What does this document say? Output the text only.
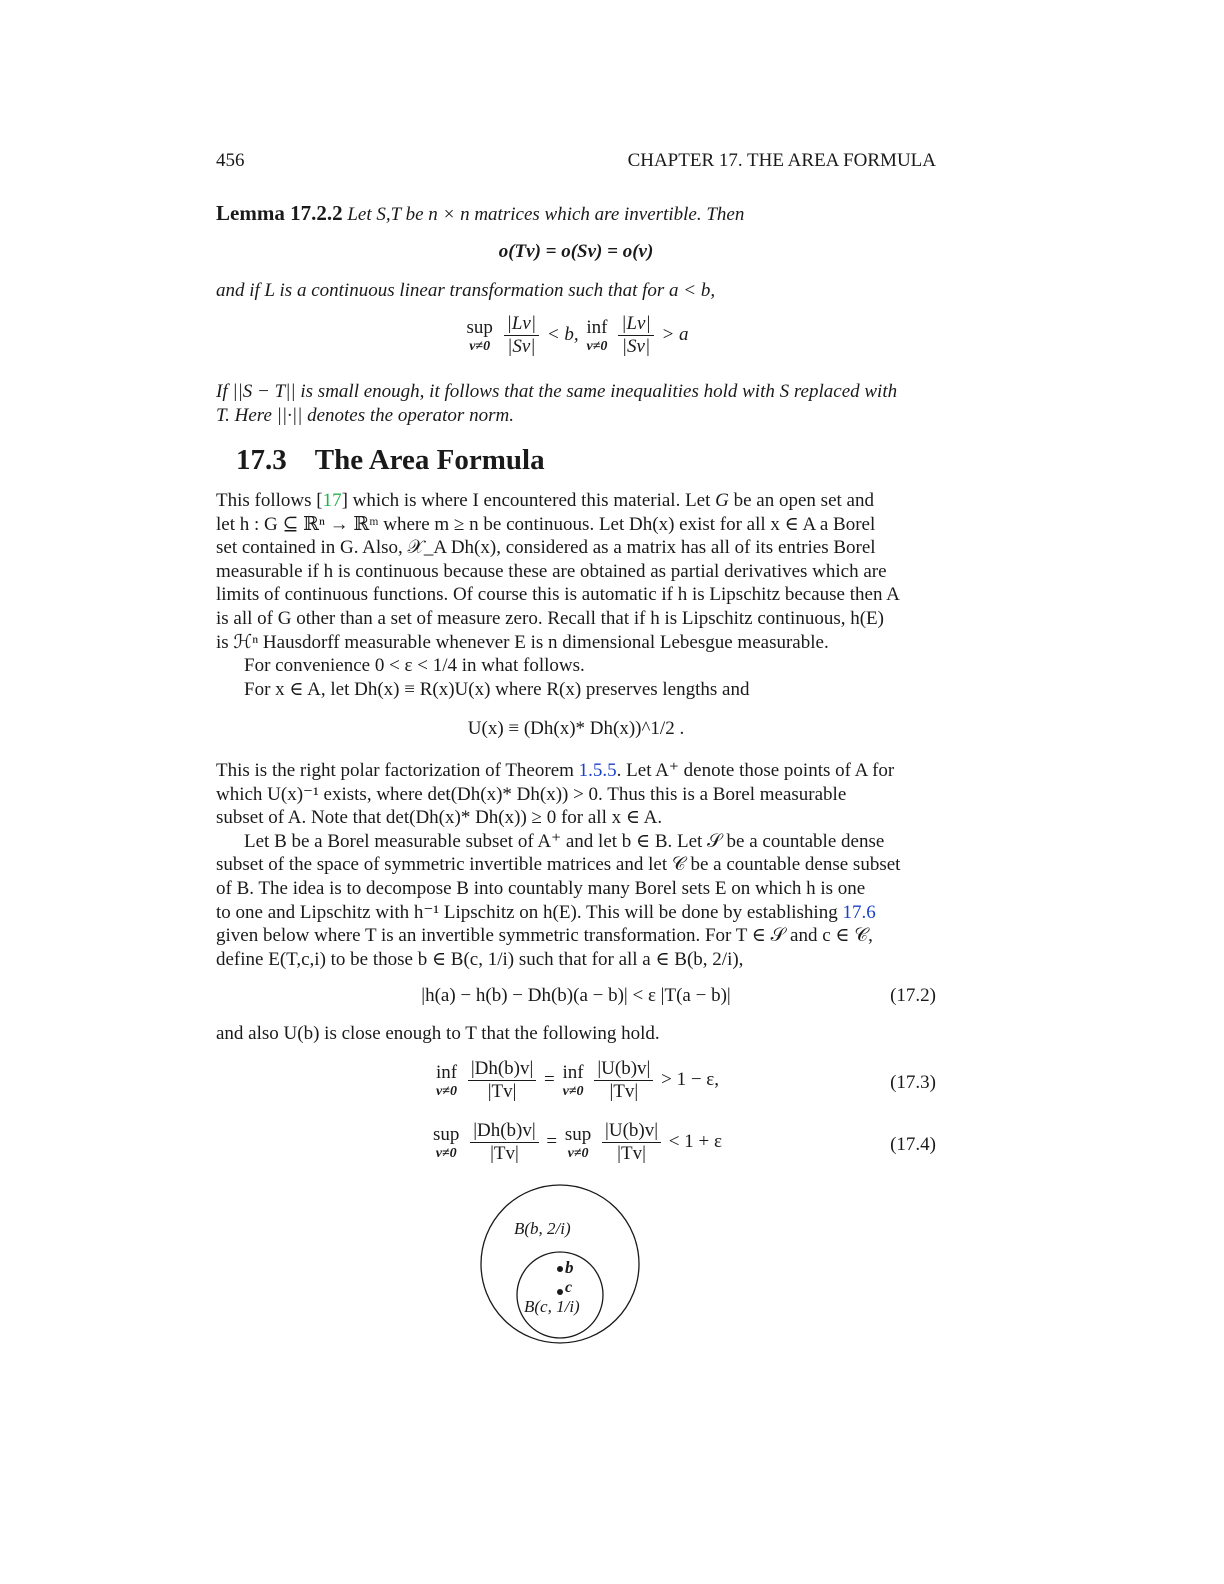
456	CHAPTER 17. THE AREA FORMULA
Lemma 17.2.2 Let S,T be n × n matrices which are invertible. Then
o(Tv) = o(Sv) = o(v)
and if L is a continuous linear transformation such that for a < b,
sup
v≠0
$\frac{|Lv|}{|Sv|} < b$, inf
v≠0
$\frac{|Lv|}{|Sv|} > a$
If ||S − T|| is small enough, it follows that the same inequalities hold with S replaced with
T. Here ||·|| denotes the operator norm.
17.3 The Area Formula
This follows [17] which is where I encountered this material. Let G be an open set and
let h : G ⊆ ℝⁿ → ℝᵐ where m ≥ n be continuous. Let Dh(x) exist for all x ∈ A a Borel
set contained in G. Also, 𝒳_A Dh(x), considered as a matrix has all of its entries Borel
measurable if h is continuous because these are obtained as partial derivatives which are
limits of continuous functions. Of course this is automatic if h is Lipschitz because then A
is all of G other than a set of measure zero. Recall that if h is Lipschitz continuous, h(E)
is ℋⁿ Hausdorff measurable whenever E is n dimensional Lebesgue measurable.
For convenience 0 < ε < 1/4 in what follows.
For x ∈ A, let Dh(x) ≡ R(x)U(x) where R(x) preserves lengths and
U(x) ≡ (Dh(x)* Dh(x))^1/2 .
This is the right polar factorization of Theorem 1.5.5. Let A⁺ denote those points of A for
which U(x)⁻¹ exists, where det(Dh(x)* Dh(x)) > 0. Thus this is a Borel measurable
subset of A. Note that det(Dh(x)* Dh(x)) ≥ 0 for all x ∈ A.
Let B be a Borel measurable subset of A⁺ and let b ∈ B. Let 𝒮 be a countable dense
subset of the space of symmetric invertible matrices and let 𝒞 be a countable dense subset
of B. The idea is to decompose B into countably many Borel sets E on which h is one
to one and Lipschitz with h⁻¹ Lipschitz on h(E). This will be done by establishing 17.6
given below where T is an invertible symmetric transformation. For T ∈ 𝒮 and c ∈ 𝒞,
define E(T,c,i) to be those b ∈ B(c, 1/i) such that for all a ∈ B(b, 2/i),
|h(a) − h(b) − Dh(b)(a − b)| < ε |T(a − b)|	(17.2)
and also U(b) is close enough to T that the following hold.
inf
v≠0
$\frac{|Dh(b)v|}{|Tv|}$ = inf
v≠0
$\frac{|U(b)v|}{|Tv|} > 1 - \varepsilon$,	(17.3)
sup
v≠0
$\frac{|Dh(b)v|}{|Tv|}$ = sup
v≠0
$\frac{|U(b)v|}{|Tv|} < 1 + \varepsilon$	(17.4)
B(b, 2/i)
b
c
B(c, 1/i)
